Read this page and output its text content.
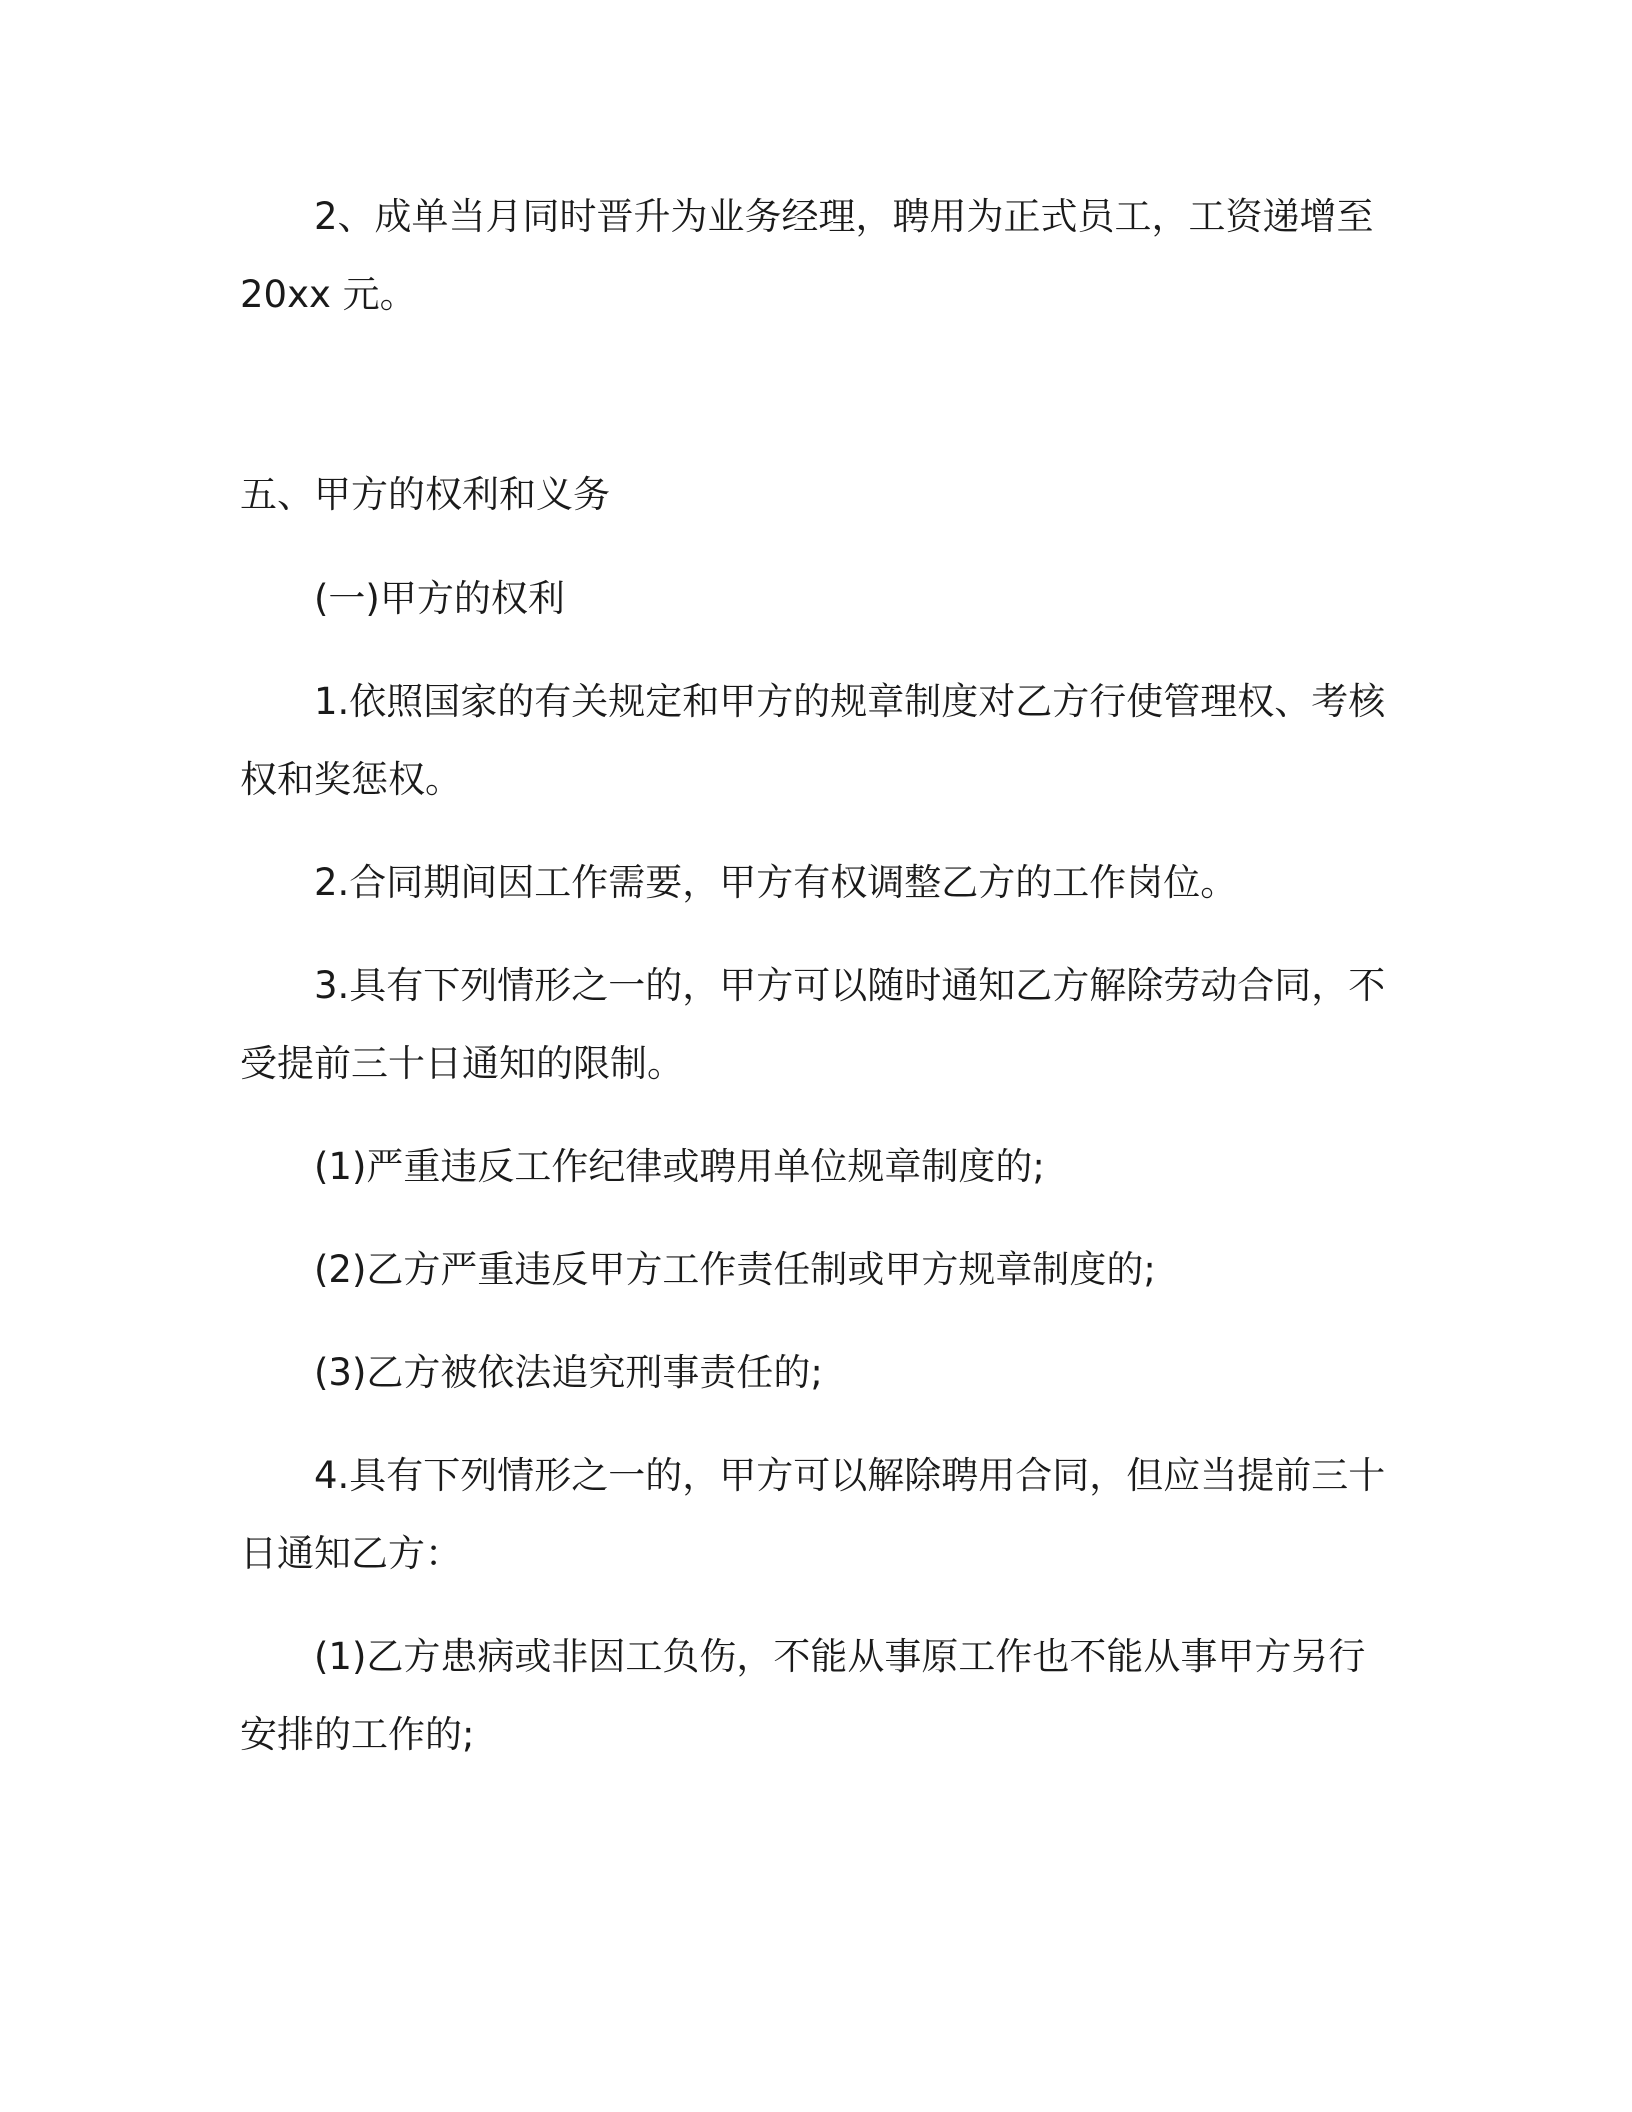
2、成单当月同时晋升为业务经理，聘用为正式员工，工资递增至20xx 元。

五、甲方的权利和义务

(一)甲方的权利

1.依照国家的有关规定和甲方的规章制度对乙方行使管理权、考核权和奖惩权。

2.合同期间因工作需要，甲方有权调整乙方的工作岗位。

3.具有下列情形之一的，甲方可以随时通知乙方解除劳动合同，不受提前三十日通知的限制。

(1)严重违反工作纪律或聘用单位规章制度的;

(2)乙方严重违反甲方工作责任制或甲方规章制度的;

(3)乙方被依法追究刑事责任的;

4.具有下列情形之一的，甲方可以解除聘用合同，但应当提前三十日通知乙方：

(1)乙方患病或非因工负伤，不能从事原工作也不能从事甲方另行安排的工作的;
